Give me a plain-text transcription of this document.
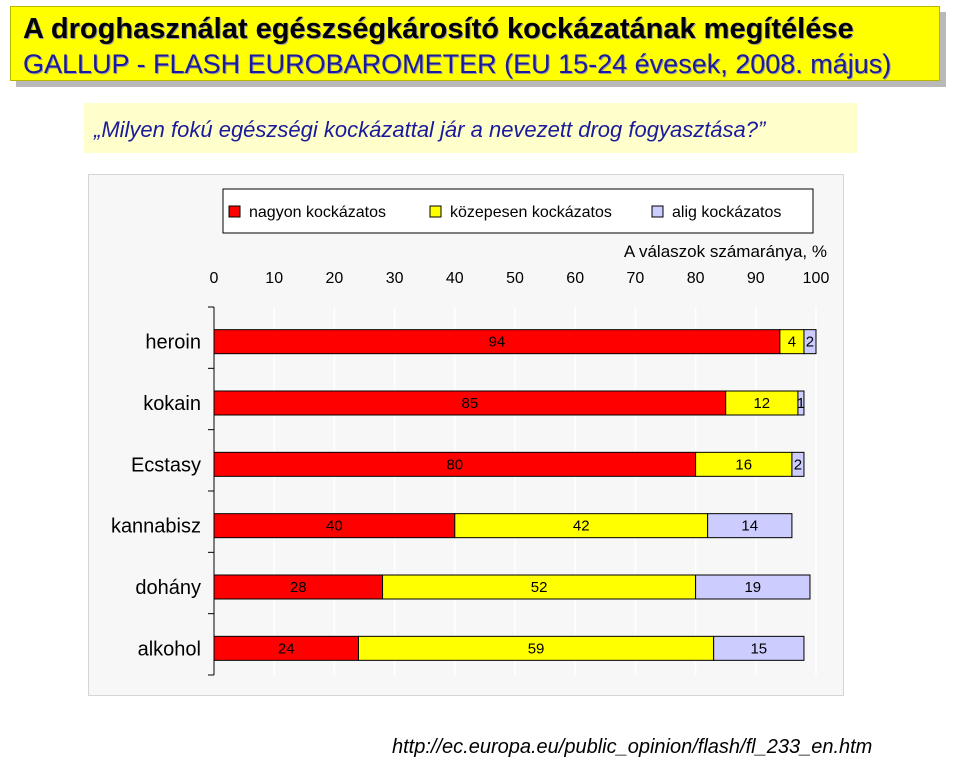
A droghasználat egészségkárosító kockázatának megítélése
GALLUP - FLASH EUROBAROMETER (EU 15-24 évesek, 2008. május)
„Milyen fokú egészségi kockázattal jár a nevezett drog fogyasztása?”
nagyon kockázatos	közepesen kockázatos	alig kockázatos
A válaszok számaránya, %
0	10	20	30	40	50	60	70	80	90 100
heroin	94	4 2
kokain	85	12 1
Ecstasy	80	16	2
kannabisz	40	42	14
dohány	28	52	19
alkohol	24	59	15
http://ec.europa.eu/public_opinion/flash/fl_233_en.htm
